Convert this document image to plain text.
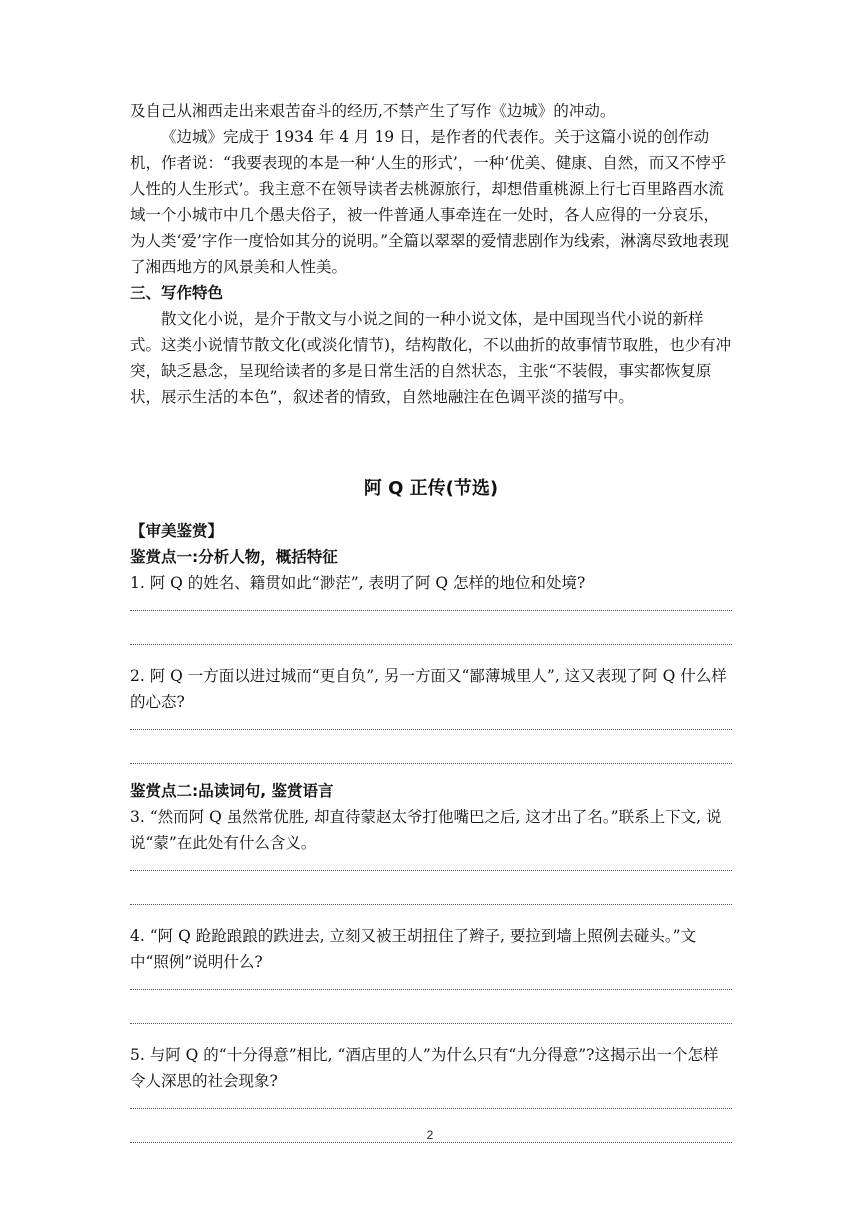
及自己从湘西走出来艰苦奋斗的经历,不禁产生了写作《边城》的冲动。

《边城》完成于 1934 年 4 月 19 日，是作者的代表作。关于这篇小说的创作动机，作者说：“我要表现的本是一种‘人生的形式’，一种‘优美、健康、自然，而又不悖乎人性的人生形式’。我主意不在领导读者去桃源旅行，却想借重桃源上行七百里路酉水流域一个小城市中几个愚夫俗子，被一件普通人事牵连在一处时，各人应得的一分哀乐，为人类‘爱’字作一度恰如其分的说明。”全篇以翠翠的爱情悲剧作为线索，淋漓尽致地表现了湘西地方的风景美和人性美。

三、写作特色

散文化小说，是介于散文与小说之间的一种小说文体，是中国现当代小说的新样式。这类小说情节散文化(或淡化情节)，结构散化，不以曲折的故事情节取胜，也少有冲突，缺乏悬念，呈现给读者的多是日常生活的自然状态，主张“不装假，事实都恢复原状，展示生活的本色”，叙述者的情致，自然地融注在色调平淡的描写中。

阿 Q 正传(节选)
【审美鉴赏】
鉴赏点一:分析人物，概括特征
1. 阿 Q 的姓名、籍贯如此“渺茫”, 表明了阿 Q 怎样的地位和处境?
2. 阿 Q 一方面以进过城而“更自负”, 另一方面又“鄙薄城里人”, 这又表现了阿 Q 什么样的心态?
鉴赏点二:品读词句, 鉴赏语言
3. “然而阿 Q 虽然常优胜, 却直待蒙赵太爷打他嘴巴之后, 这才出了名。”联系上下文, 说说“蒙”在此处有什么含义。
4. “阿 Q 跄跄踉踉的跌进去, 立刻又被王胡扭住了辫子, 要拉到墙上照例去碰头。”文中“照例”说明什么?
5. 与阿 Q 的“十分得意”相比, “酒店里的人”为什么只有“九分得意”?这揭示出一个怎样令人深思的社会现象?
2
